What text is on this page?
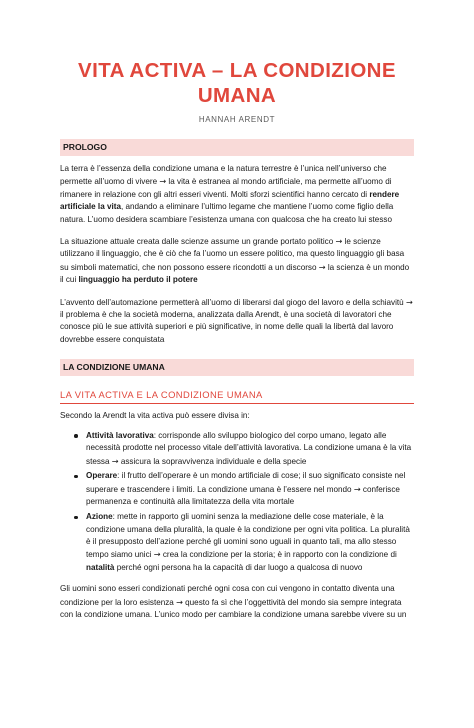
VITA ACTIVA – LA CONDIZIONE UMANA
HANNAH ARENDT
PROLOGO

La terra è l’essenza della condizione umana e la natura terrestre è l’unica nell’universo che permette all’uomo di vivere → la vita è estranea al mondo artificiale, ma permette all’uomo di rimanere in relazione con gli altri esseri viventi. Molti sforzi scientifici hanno cercato di rendere artificiale la vita, andando a eliminare l’ultimo legame che mantiene l’uomo come figlio della natura. L’uomo desidera scambiare l’esistenza umana con qualcosa che ha creato lui stesso

La situazione attuale creata dalle scienze assume un grande portato politico → le scienze utilizzano il linguaggio, che è ciò che fa l’uomo un essere politico, ma questo linguaggio gli basa su simboli matematici, che non possono essere ricondotti a un discorso → la scienza è un mondo il cui linguaggio ha perduto il potere

L’avvento dell’automazione permetterà all’uomo di liberarsi dal giogo del lavoro e della schiavitù → il problema è che la società moderna, analizzata dalla Arendt, è una società di lavoratori che conosce più le sue attività superiori e più significative, in nome delle quali la libertà dal lavoro dovrebbe essere conquistata

LA CONDIZIONE UMANA
LA VITA ACTIVA E LA CONDIZIONE UMANA

Secondo la Arendt la vita activa può essere divisa in:

Attività lavorativa: corrisponde allo sviluppo biologico del corpo umano, legato alle necessità prodotte nel processo vitale dell’attività lavorativa. La condizione umana è la vita stessa → assicura la sopravvivenza individuale e della specie
Operare: il frutto dell’operare è un mondo artificiale di cose; il suo significato consiste nel superare e trascendere i limiti. La condizione umana è l’essere nel mondo → conferisce permanenza e continuità alla limitatezza della vita mortale
Azione: mette in rapporto gli uomini senza la mediazione delle cose materiale, è la condizione umana della pluralità, la quale è la condizione per ogni vita politica. La pluralità è il presupposto dell’azione perché gli uomini sono uguali in quanto tali, ma allo stesso tempo siamo unici → crea la condizione per la storia; è in rapporto con la condizione di natalità perché ogni persona ha la capacità di dar luogo a qualcosa di nuovo

Gli uomini sono esseri condizionati perché ogni cosa con cui vengono in contatto diventa una condizione per la loro esistenza → questo fa sì che l’oggettività del mondo sia sempre integrata con la condizione umana. L’unico modo per cambiare la condizione umana sarebbe vivere su un
